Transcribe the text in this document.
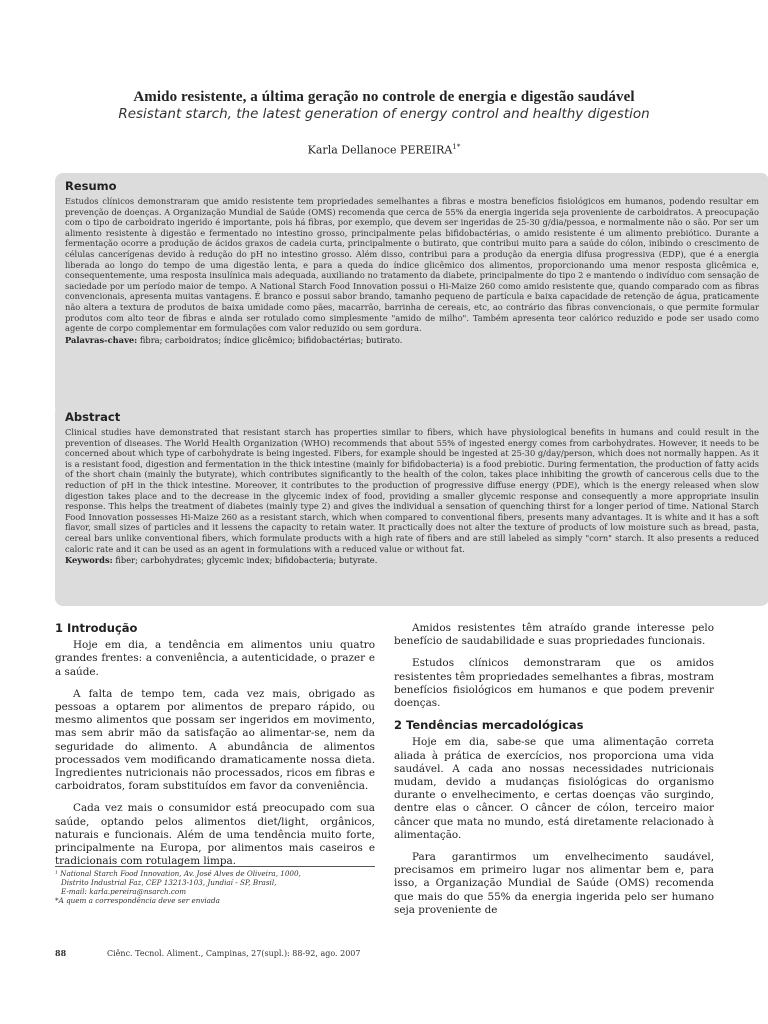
Amido resistente, a última geração no controle de energia e digestão saudável
Resistant starch, the latest generation of energy control and healthy digestion
Karla Dellanoce $PEREIRA^{1*}$
Resumo

Estudos clínicos demonstraram que amido resistente tem propriedades semelhantes a fibras e mostra benefícios fisiológicos em humanos, podendo resultar em prevenção de doenças. A Organização Mundial de Saúde (OMS) recomenda que cerca de 55% da energia ingerida seja proveniente de carboidratos. A preocupação com o tipo de carboidrato ingerido é importante, pois há fibras, por exemplo, que devem ser ingeridas de 25-30 g/dia/pessoa, e normalmente não o são. Por ser um alimento resistente à digestão e fermentado no intestino grosso, principalmente pelas bifidobactérias, o amido resistente é um alimento prebiótico. Durante a fermentação ocorre a produção de ácidos graxos de cadeia curta, principalmente o butirato, que contribui muito para a saúde do cólon, inibindo o crescimento de células cancerígenas devido à redução do pH no intestino grosso. Além disso, contribui para a produção da energia difusa progressiva (EDP), que é a energia liberada ao longo do tempo de uma digestão lenta, e para a queda do índice glicêmico dos alimentos, proporcionando uma menor resposta glicêmica e, consequentemente, uma resposta insulínica mais adequada, auxiliando no tratamento da diabete, principalmente do tipo 2 e mantendo o indivíduo com sensação de saciedade por um período maior de tempo. A National Starch Food Innovation possui o Hi-Maize 260 como amido resistente que, quando comparado com as fibras convencionais, apresenta muitas vantagens. É branco e possui sabor brando, tamanho pequeno de partícula e baixa capacidade de retenção de água, praticamente não altera a textura de produtos de baixa umidade como pães, macarrão, barrinha de cereais, etc, ao contrário das fibras convencionais, o que permite formular produtos com alto teor de fibras e ainda ser rotulado como simplesmente "amido de milho". Também apresenta teor calórico reduzido e pode ser usado como agente de corpo complementar em formulações com valor reduzido ou sem gordura.

Palavras-chave: fibra; carboidratos; índice glicêmico; bifidobactérias; butirato.
Abstract

Clinical studies have demonstrated that resistant starch has properties similar to fibers, which have physiological benefits in humans and could result in the prevention of diseases. The World Health Organization (WHO) recommends that about 55% of ingested energy comes from carbohydrates. However, it needs to be concerned about which type of carbohydrate is being ingested. Fibers, for example should be ingested at 25-30 g/day/person, which does not normally happen. As it is a resistant food, digestion and fermentation in the thick intestine (mainly for bifidobacteria) is a food prebiotic. During fermentation, the production of fatty acids of the short chain (mainly the butyrate), which contributes significantly to the health of the colon, takes place inhibiting the growth of cancerous cells due to the reduction of pH in the thick intestine. Moreover, it contributes to the production of progressive diffuse energy (PDE), which is the energy released when slow digestion takes place and to the decrease in the glycemic index of food, providing a smaller glycemic response and consequently a more appropriate insulin response. This helps the treatment of diabetes (mainly type 2) and gives the individual a sensation of quenching thirst for a longer period of time. National Starch Food Innovation possesses Hi-Maize 260 as a resistant starch, which when compared to conventional fibers, presents many advantages. It is white and it has a soft flavor, small sizes of particles and it lessens the capacity to retain water. It practically does not alter the texture of products of low moisture such as bread, pasta, cereal bars unlike conventional fibers, which formulate products with a high rate of fibers and are still labeled as simply "corn" starch. It also presents a reduced caloric rate and it can be used as an agent in formulations with a reduced value or without fat.

Keywords: fiber; carbohydrates; glycemic index; bifidobacteria; butyrate.
1 Introdução

Hoje em dia, a tendência em alimentos uniu quatro grandes frentes: a conveniência, a autenticidade, o prazer e a saúde.

A falta de tempo tem, cada vez mais, obrigado as pessoas a optarem por alimentos de preparo rápido, ou mesmo alimentos que possam ser ingeridos em movimento, mas sem abrir mão da satisfação ao alimentar-se, nem da seguridade do alimento. A abundância de alimentos processados vem modificando dramaticamente nossa dieta. Ingredientes nutricionais não processados, ricos em fibras e carboidratos, foram substituídos em favor da conveniência.

Cada vez mais o consumidor está preocupado com sua saúde, optando pelos alimentos diet/light, orgânicos, naturais e funcionais. Além de uma tendência muito forte, principalmente na Europa, por alimentos mais caseiros e tradicionais com rotulagem limpa.

Amidos resistentes têm atraído grande interesse pelo benefício de saudabilidade e suas propriedades funcionais.

Estudos clínicos demonstraram que os amidos resistentes têm propriedades semelhantes a fibras, mostram benefícios fisiológicos em humanos e que podem prevenir doenças.

2 Tendências mercadológicas

Hoje em dia, sabe-se que uma alimentação correta aliada à prática de exercícios, nos proporciona uma vida saudável. A cada ano nossas necessidades nutricionais mudam, devido a mudanças fisiológicas do organismo durante o envelhecimento, e certas doenças vão surgindo, dentre elas o câncer. O câncer de cólon, terceiro maior câncer que mata no mundo, está diretamente relacionado à alimentação.

Para garantirmos um envelhecimento saudável, precisamos em primeiro lugar nos alimentar bem e, para isso, a Organização Mundial de Saúde (OMS) recomenda que mais do que 55% da energia ingerida pelo ser humano seja proveniente de

¹ National Starch Food Innovation, Av. José Alves de Oliveira, 1000,
Distrito Industrial Faz, CEP 13213-103, Jundiaí - SP, Brasil,
E-mail: karla.pereira@nsarch.com
*A quem a correspondência deve ser enviada
88	Ciênc. Tecnol. Aliment., Campinas, 27(supl.): 88-92, ago. 2007
